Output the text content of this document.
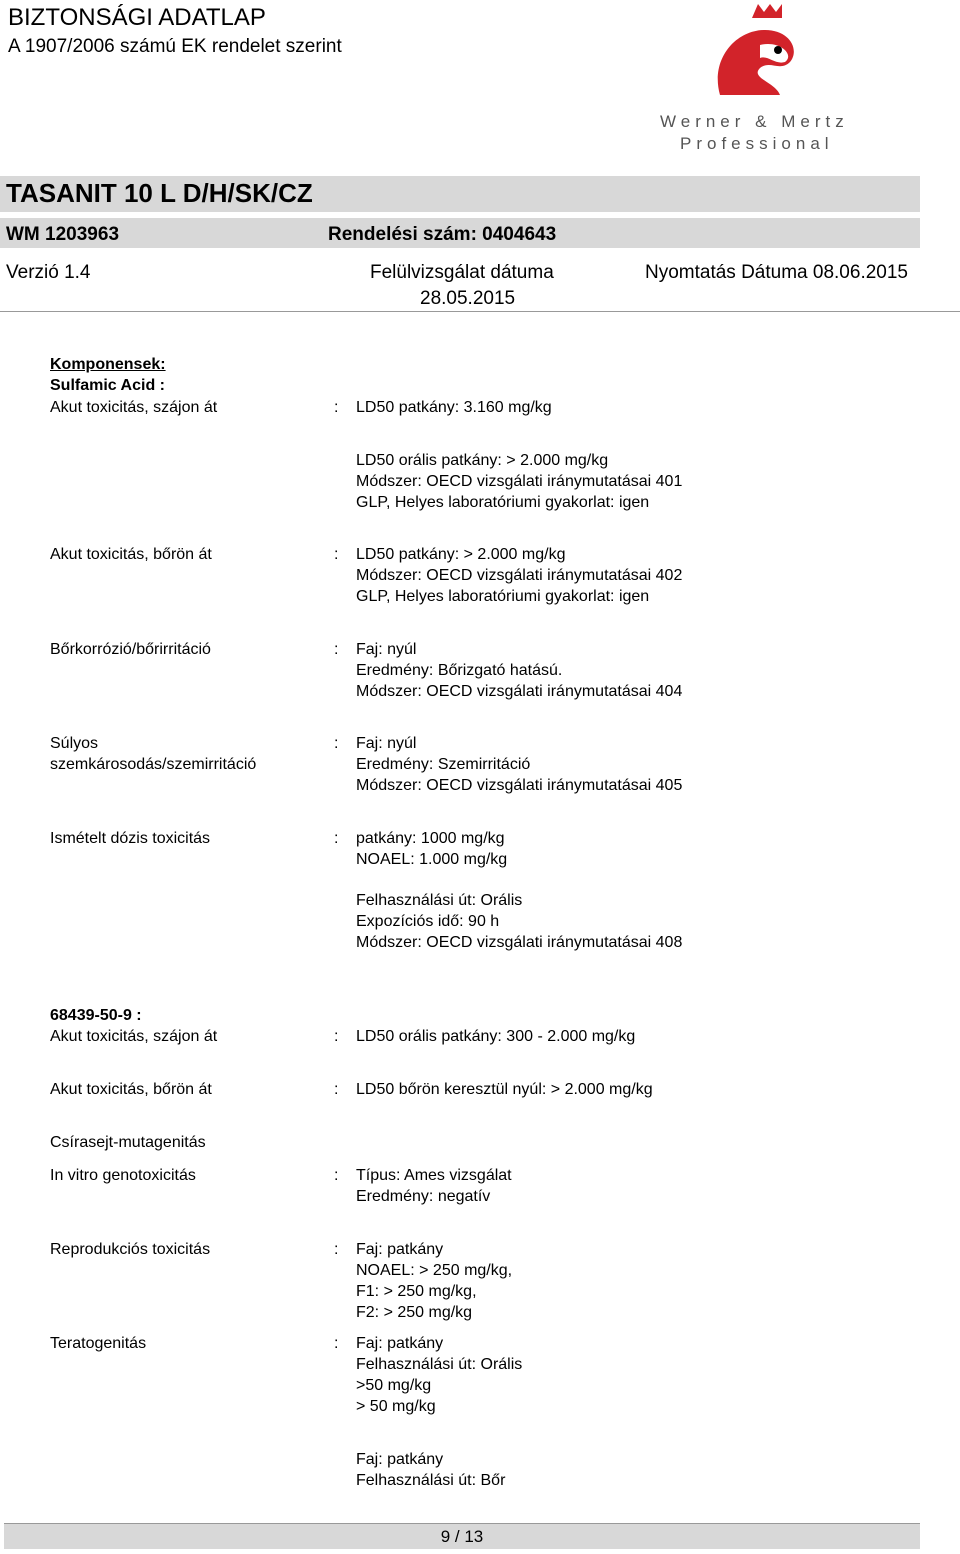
BIZTONSÁGI ADATLAP
A 1907/2006 számú EK rendelet szerint
Werner & Mertz
Professional
TASANIT 10 L D/H/SK/CZ
WM 1203963	Rendelési szám: 0404643
Verzió 1.4	Felülvizsgálat dátuma
28.05.2015
Nyomtatás Dátuma 08.06.2015
Komponensek:
Sulfamic Acid :
Akut toxicitás, szájon át	: LD50 patkány: 3.160 mg/kg
LD50 orális patkány: > 2.000 mg/kg
Módszer: OECD vizsgálati iránymutatásai 401
GLP, Helyes laboratóriumi gyakorlat: igen
Akut toxicitás, bőrön át	: LD50 patkány: > 2.000 mg/kg
Módszer: OECD vizsgálati iránymutatásai 402
GLP, Helyes laboratóriumi gyakorlat: igen
Bőrkorrózió/bőrirritáció	: Faj: nyúl
Eredmény: Bőrizgató hatású.
Módszer: OECD vizsgálati iránymutatásai 404
Súlyos
szemkárosodás/szemirritáció
: Faj: nyúl
Eredmény: Szemirritáció
Módszer: OECD vizsgálati iránymutatásai 405
Ismételt dózis toxicitás	: patkány: 1000 mg/kg
NOAEL: 1.000 mg/kg
Felhasználási út: Orális
Expozíciós idő: 90 h
Módszer: OECD vizsgálati iránymutatásai 408
68439-50-9 :
Akut toxicitás, szájon át	: LD50 orális patkány: 300 - 2.000 mg/kg
Akut toxicitás, bőrön át	: LD50 bőrön keresztül nyúl: > 2.000 mg/kg
Csírasejt-mutagenitás
In vitro genotoxicitás	: Típus: Ames vizsgálat
Eredmény: negatív
Reprodukciós toxicitás	: Faj: patkány
NOAEL: > 250 mg/kg,
F1: > 250 mg/kg,
F2: > 250 mg/kg
Teratogenitás	: Faj: patkány
Felhasználási út: Orális
>50 mg/kg
> 50 mg/kg
Faj: patkány
Felhasználási út: Bőr
9 / 13
